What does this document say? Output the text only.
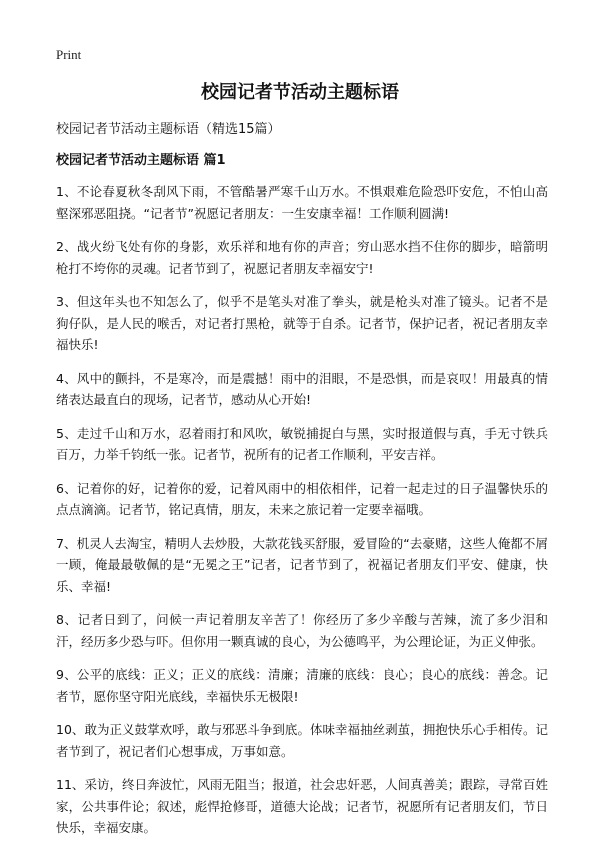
Print
校园记者节活动主题标语
校园记者节活动主题标语（精选15篇）
校园记者节活动主题标语 篇1

1、不论春夏秋冬刮风下雨，不管酷暑严寒千山万水。不惧艰难危险恐吓安危，不怕山高壑深邪恶阻挠。“记者节”祝愿记者朋友：一生安康幸福！工作顺利圆满!

2、战火纷飞处有你的身影，欢乐祥和地有你的声音；穷山恶水挡不住你的脚步，暗箭明枪打不垮你的灵魂。记者节到了，祝愿记者朋友幸福安宁!

3、但这年头也不知怎么了，似乎不是笔头对准了拳头，就是枪头对准了镜头。记者不是狗仔队，是人民的喉舌，对记者打黑枪，就等于自杀。记者节，保护记者，祝记者朋友幸福快乐!

4、风中的颤抖，不是寒冷，而是震撼！雨中的泪眼，不是恐惧，而是哀叹！用最真的情绪表达最直白的现场，记者节，感动从心开始!

5、走过千山和万水，忍着雨打和风吹，敏锐捕捉白与黑，实时报道假与真，手无寸铁兵百万，力举千钧纸一张。记者节，祝所有的记者工作顺利，平安吉祥。

6、记着你的好，记着你的爱，记着风雨中的相依相伴，记着一起走过的日子温馨快乐的点点滴滴。记者节，铭记真情，朋友，未来之旅记着一定要幸福哦。

7、机灵人去淘宝，精明人去炒股，大款花钱买舒服，爱冒险的“去豪赌，这些人俺都不屑一顾，俺最最敬佩的是“无冕之王”记者，记者节到了，祝福记者朋友们平安、健康，快乐、幸福!

8、记者日到了，问候一声记着朋友辛苦了！你经历了多少辛酸与苦辣，流了多少泪和汗，经历多少恐与吓。但你用一颗真诚的良心，为公德鸣平，为公理论证，为正义伸张。

9、公平的底线：正义；正义的底线：清廉；清廉的底线：良心；良心的底线：善念。记者节，愿你坚守阳光底线，幸福快乐无极限!

10、敢为正义鼓掌欢呼，敢与邪恶斗争到底。体味幸福抽丝剥茧，拥抱快乐心手相传。记者节到了，祝记者们心想事成，万事如意。

11、采访，终日奔波忙，风雨无阻当；报道，社会忠奸恶，人间真善美；跟踪，寻常百姓家，公共事件论；叙述，彪悍抢修哥，道德大论战；记者节，祝愿所有记者朋友们，节日快乐，幸福安康。
